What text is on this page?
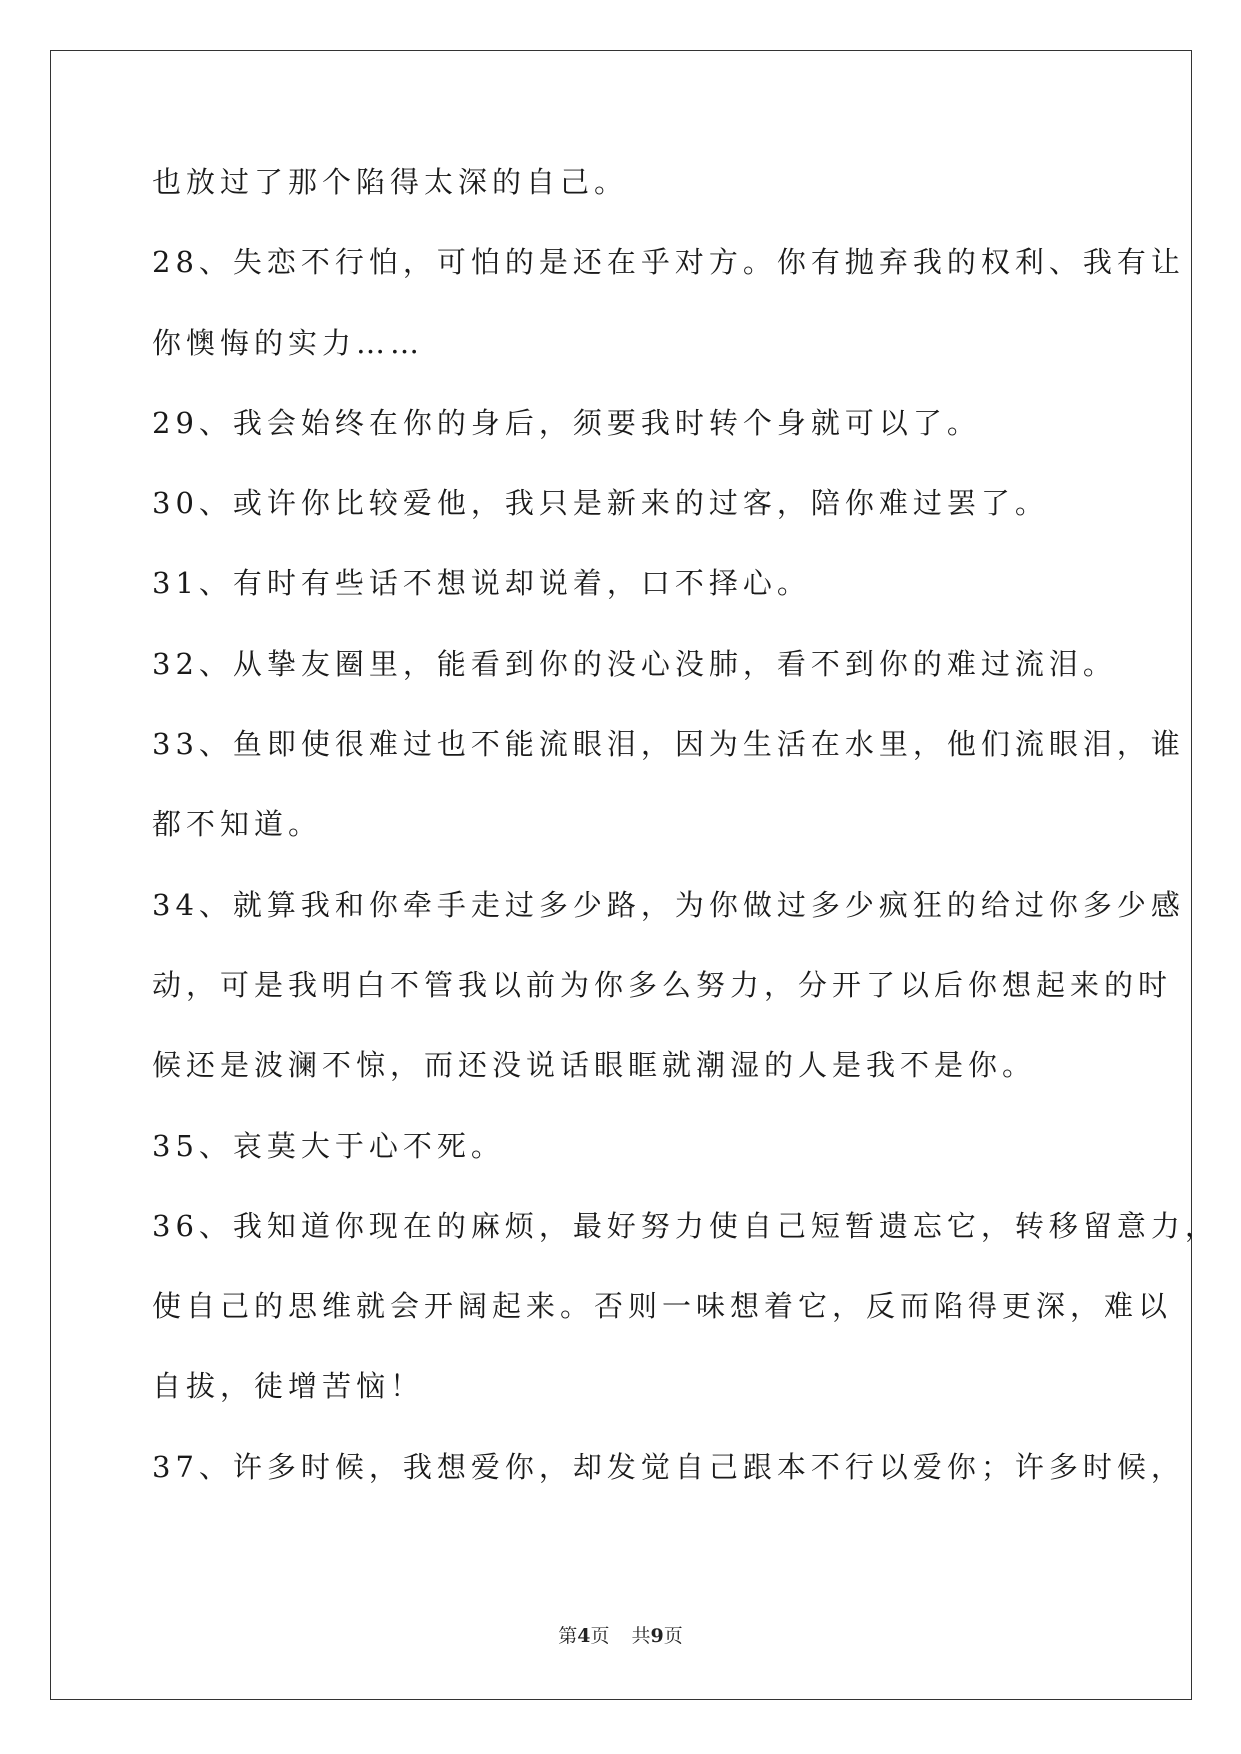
也放过了那个陷得太深的自己。
28、失恋不行怕，可怕的是还在乎对方。你有抛弃我的权利、我有让
你懊悔的实力……
29、我会始终在你的身后，须要我时转个身就可以了。
30、或许你比较爱他，我只是新来的过客，陪你难过罢了。
31、有时有些话不想说却说着，口不择心。
32、从挚友圈里，能看到你的没心没肺，看不到你的难过流泪。
33、鱼即使很难过也不能流眼泪，因为生活在水里，他们流眼泪，谁
都不知道。
34、就算我和你牵手走过多少路，为你做过多少疯狂的给过你多少感
动，可是我明白不管我以前为你多么努力，分开了以后你想起来的时
候还是波澜不惊，而还没说话眼眶就潮湿的人是我不是你。
35、哀莫大于心不死。
36、我知道你现在的麻烦，最好努力使自己短暂遗忘它，转移留意力，
使自己的思维就会开阔起来。否则一味想着它，反而陷得更深，难以
自拔，徒增苦恼！
37、许多时候，我想爱你，却发觉自己跟本不行以爱你；许多时候，
第4页 共9页
